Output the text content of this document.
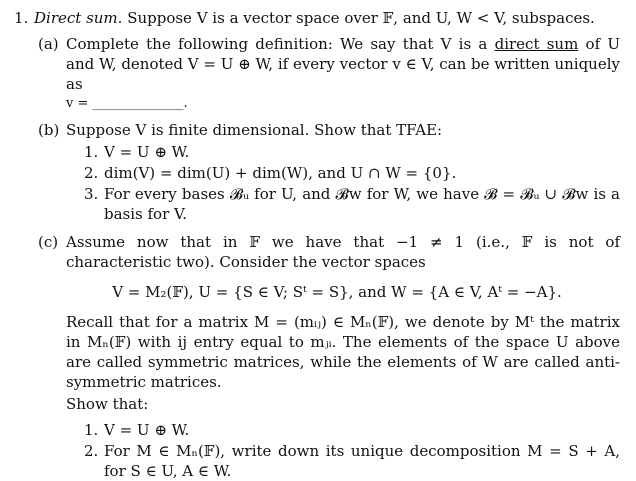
1. Direct sum. Suppose V is a vector space over 𝔽, and U, W < V, subspaces.
(a) Complete the following definition: We say that V is a direct sum of U and W, denoted V = U ⊕ W, if every vector v ∈ V, can be written uniquely as
v = ______________.
(b) Suppose V is finite dimensional. Show that TFAE:
1. V = U ⊕ W.
2. dim(V) = dim(U) + dim(W), and U ∩ W = {0}.
3. For every bases 𝓑ᵤ for U, and 𝓑ᴡ for W, we have 𝓑 = 𝓑ᵤ ∪ 𝓑ᴡ is a basis for V.
(c) Assume now that in 𝔽 we have that −1 ≠ 1 (i.e., 𝔽 is not of characteristic two). Consider the vector spaces
V = M₂(𝔽), U = {S ∈ V; Sᵗ = S}, and W = {A ∈ V, Aᵗ = −A}.
Recall that for a matrix M = (mᵢⱼ) ∈ Mₙ(𝔽), we denote by Mᵗ the matrix in Mₙ(𝔽) with ij entry equal to mⱼᵢ. The elements of the space U above are called symmetric matrices, while the elements of W are called anti-symmetric matrices.
Show that:
1. V = U ⊕ W.
2. For M ∈ Mₙ(𝔽), write down its unique decomposition M = S + A, for S ∈ U, A ∈ W.
